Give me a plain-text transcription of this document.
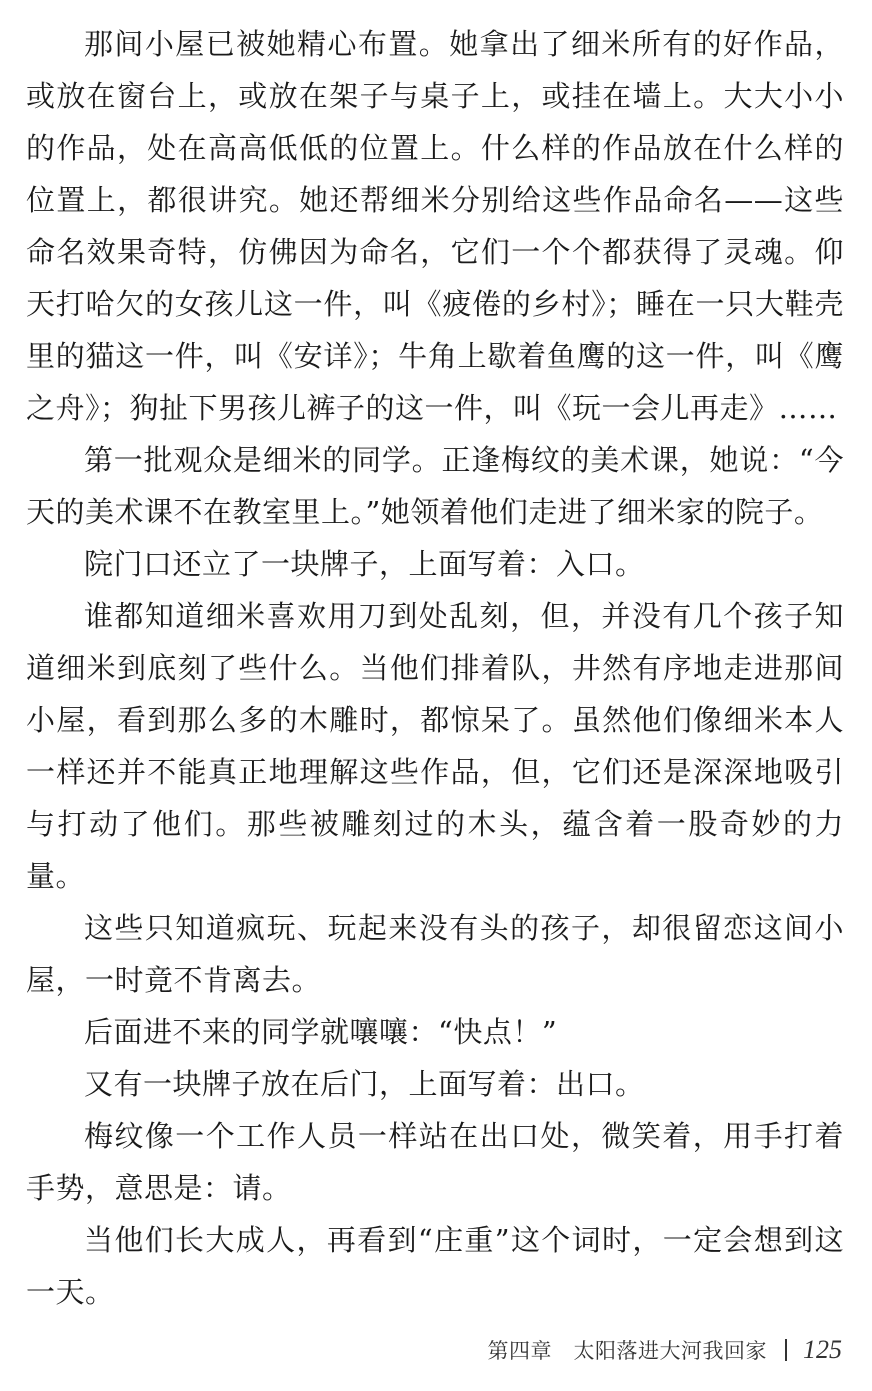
那间小屋已被她精心布置。她拿出了细米所有的好作品，或放在窗台上，或放在架子与桌子上，或挂在墙上。大大小小的作品，处在高高低低的位置上。什么样的作品放在什么样的位置上，都很讲究。她还帮细米分别给这些作品命名——这些命名效果奇特，仿佛因为命名，它们一个个都获得了灵魂。仰天打哈欠的女孩儿这一件，叫《疲倦的乡村》；睡在一只大鞋壳里的猫这一件，叫《安详》；牛角上歇着鱼鹰的这一件，叫《鹰之舟》；狗扯下男孩儿裤子的这一件，叫《玩一会儿再走》……

第一批观众是细米的同学。正逢梅纹的美术课，她说：“今天的美术课不在教室里上。”她领着他们走进了细米家的院子。

院门口还立了一块牌子，上面写着：入口。

谁都知道细米喜欢用刀到处乱刻，但，并没有几个孩子知道细米到底刻了些什么。当他们排着队，井然有序地走进那间小屋，看到那么多的木雕时，都惊呆了。虽然他们像细米本人一样还并不能真正地理解这些作品，但，它们还是深深地吸引与打动了他们。那些被雕刻过的木头，蕴含着一股奇妙的力量。

这些只知道疯玩、玩起来没有头的孩子，却很留恋这间小屋，一时竟不肯离去。

后面进不来的同学就嚷嚷：“快点！”

又有一块牌子放在后门，上面写着：出口。

梅纹像一个工作人员一样站在出口处，微笑着，用手打着手势，意思是：请。

当他们长大成人，再看到“庄重”这个词时，一定会想到这一天。

第四章　太阳落进大河我回家 125
